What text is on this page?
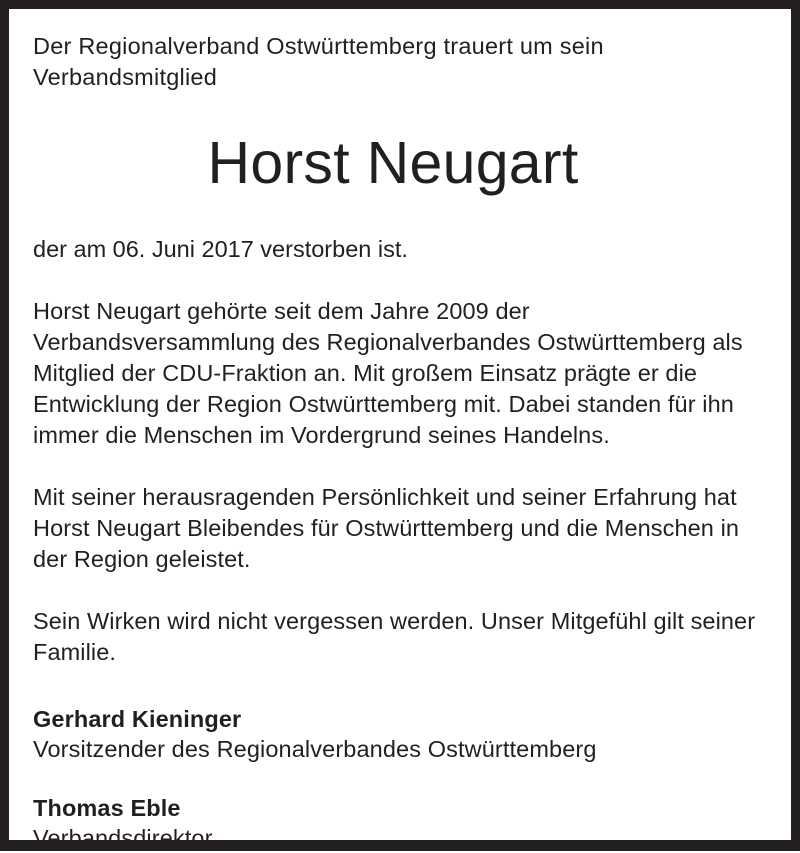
Der Regionalverband Ostwürttemberg trauert um sein Verbandsmitglied

Horst Neugart

der am 06. Juni 2017 verstorben ist.

Horst Neugart gehörte seit dem Jahre 2009 der Verbandsversammlung des Regionalverbandes Ostwürttemberg als Mitglied der CDU-Fraktion an. Mit großem Einsatz prägte er die Entwicklung der Region Ostwürttemberg mit. Dabei standen für ihn immer die Menschen im Vordergrund seines Handelns.

Mit seiner herausragenden Persönlichkeit und seiner Erfahrung hat Horst Neugart Bleibendes für Ostwürttemberg und die Menschen in der Region geleistet.

Sein Wirken wird nicht vergessen werden. Unser Mitgefühl gilt seiner Familie.

Gerhard Kieninger

Vorsitzender des Regionalverbandes Ostwürttemberg

Thomas Eble

Verbandsdirektor
